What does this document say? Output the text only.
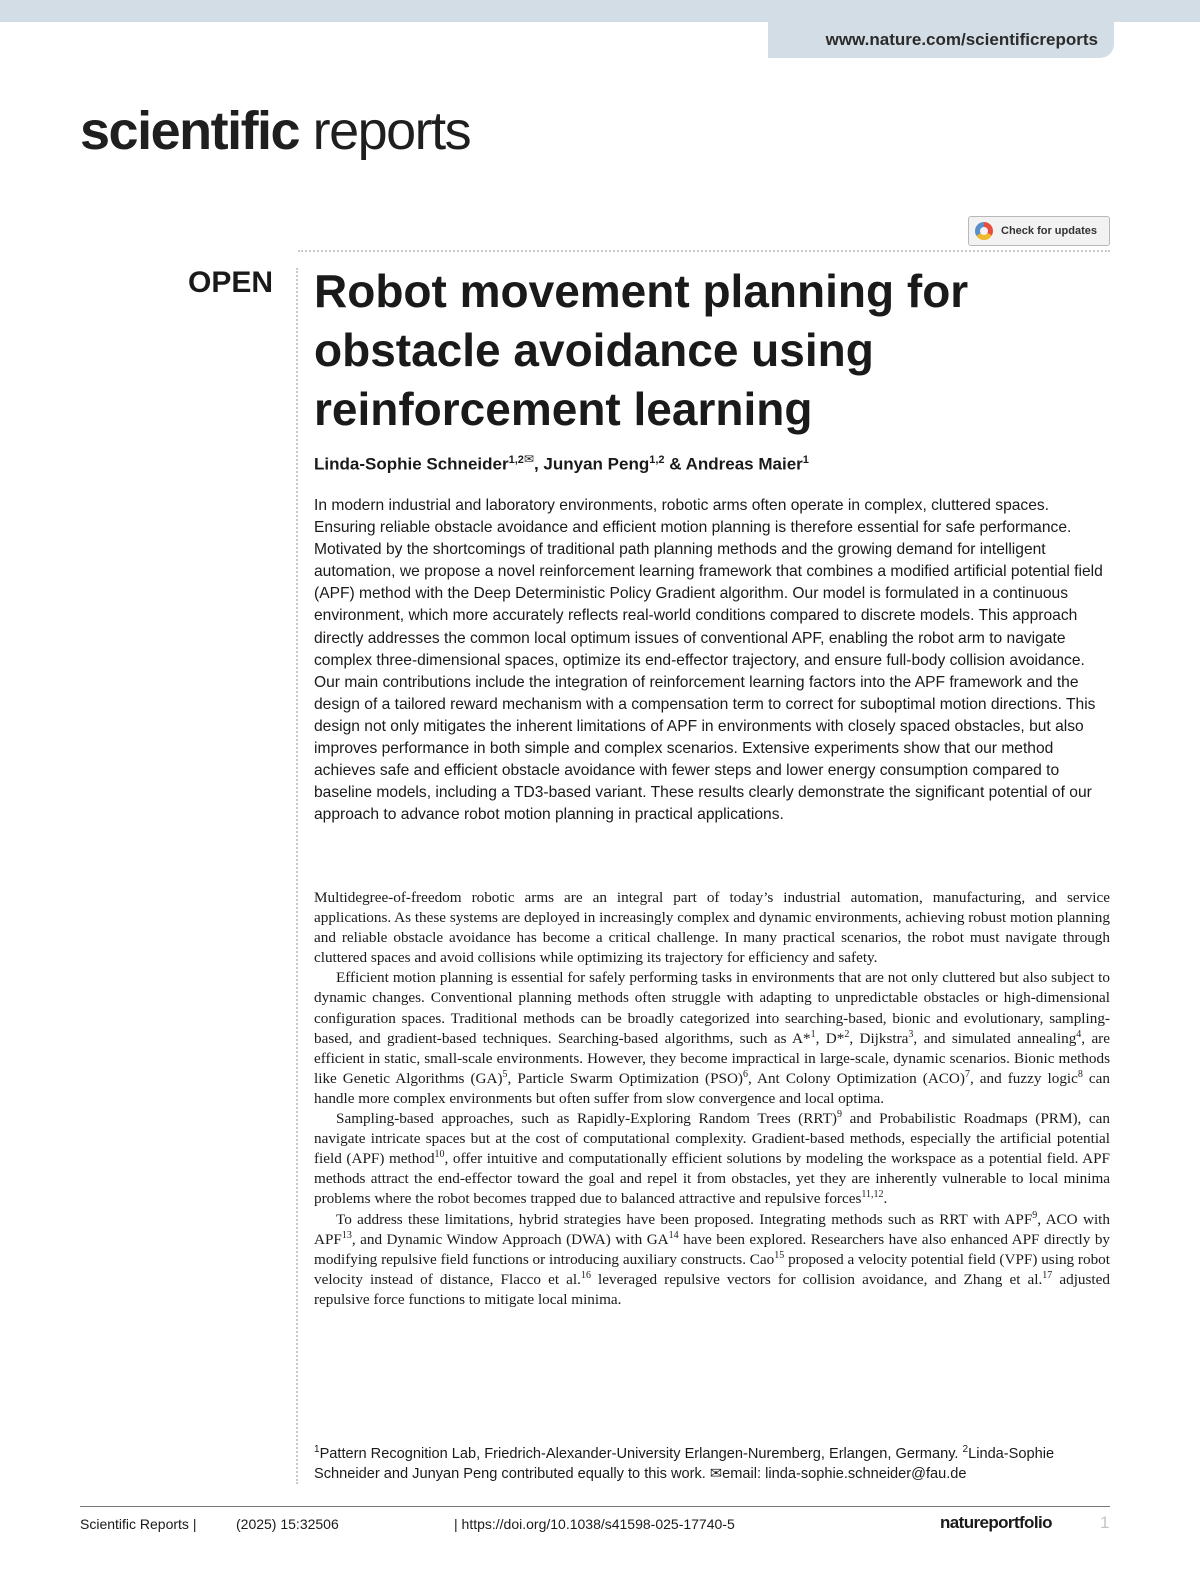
www.nature.com/scientificreports
scientific reports
Check for updates
OPEN Robot movement planning for obstacle avoidance using reinforcement learning
Linda-Sophie Schneider$^{1,2✉}$, Junyan Peng$^{1,2}$ & Andreas Maier$^1$

In modern industrial and laboratory environments, robotic arms often operate in complex, cluttered spaces. Ensuring reliable obstacle avoidance and efficient motion planning is therefore essential for safe performance. Motivated by the shortcomings of traditional path planning methods and the growing demand for intelligent automation, we propose a novel reinforcement learning framework that combines a modified artificial potential field (APF) method with the Deep Deterministic Policy Gradient algorithm. Our model is formulated in a continuous environment, which more accurately reflects real-world conditions compared to discrete models. This approach directly addresses the common local optimum issues of conventional APF, enabling the robot arm to navigate complex three-dimensional spaces, optimize its end-effector trajectory, and ensure full-body collision avoidance. Our main contributions include the integration of reinforcement learning factors into the APF framework and the design of a tailored reward mechanism with a compensation term to correct for suboptimal motion directions. This design not only mitigates the inherent limitations of APF in environments with closely spaced obstacles, but also improves performance in both simple and complex scenarios. Extensive experiments show that our method achieves safe and efficient obstacle avoidance with fewer steps and lower energy consumption compared to baseline models, including a TD3-based variant. These results clearly demonstrate the significant potential of our approach to advance robot motion planning in practical applications.

Multidegree-of-freedom robotic arms are an integral part of today’s industrial automation, manufacturing, and service applications. As these systems are deployed in increasingly complex and dynamic environments, achieving robust motion planning and reliable obstacle avoidance has become a critical challenge. In many practical scenarios, the robot must navigate through cluttered spaces and avoid collisions while optimizing its trajectory for efficiency and safety.

Efficient motion planning is essential for safely performing tasks in environments that are not only cluttered but also subject to dynamic changes. Conventional planning methods often struggle with adapting to unpredictable obstacles or high-dimensional configuration spaces. Traditional methods can be broadly categorized into searching-based, bionic and evolutionary, sampling-based, and gradient-based techniques. Searching-based algorithms, such as A*$^1$, D*$^2$, Dijkstra$^3$, and simulated annealing$^4$, are efficient in static, small-scale environments. However, they become impractical in large-scale, dynamic scenarios. Bionic methods like Genetic Algorithms (GA)$^5$, Particle Swarm Optimization (PSO)$^6$, Ant Colony Optimization (ACO)$^7$, and fuzzy logic$^8$ can handle more complex environments but often suffer from slow convergence and local optima.

Sampling-based approaches, such as Rapidly-Exploring Random Trees (RRT)$^9$ and Probabilistic Roadmaps (PRM), can navigate intricate spaces but at the cost of computational complexity. Gradient-based methods, especially the artificial potential field (APF) method$^{10}$, offer intuitive and computationally efficient solutions by modeling the workspace as a potential field. APF methods attract the end-effector toward the goal and repel it from obstacles, yet they are inherently vulnerable to local minima problems where the robot becomes trapped due to balanced attractive and repulsive forces$^{11,12}$.

To address these limitations, hybrid strategies have been proposed. Integrating methods such as RRT with APF$^9$, ACO with APF$^{13}$, and Dynamic Window Approach (DWA) with GA$^{14}$ have been explored. Researchers have also enhanced APF directly by modifying repulsive field functions or introducing auxiliary constructs. Cao$^{15}$ proposed a velocity potential field (VPF) using robot velocity instead of distance, Flacco et al.$^{16}$ leveraged repulsive vectors for collision avoidance, and Zhang et al.$^{17}$ adjusted repulsive force functions to mitigate local minima.

$^1$Pattern Recognition Lab, Friedrich-Alexander-University Erlangen-Nuremberg, Erlangen, Germany. $^2$Linda-Sophie Schneider and Junyan Peng contributed equally to this work. ✉email: linda-sophie.schneider@fau.de
Scientific Reports |	(2025) 15:32506	| https://doi.org/10.1038/s41598-025-17740-5	natureportfolio	1
